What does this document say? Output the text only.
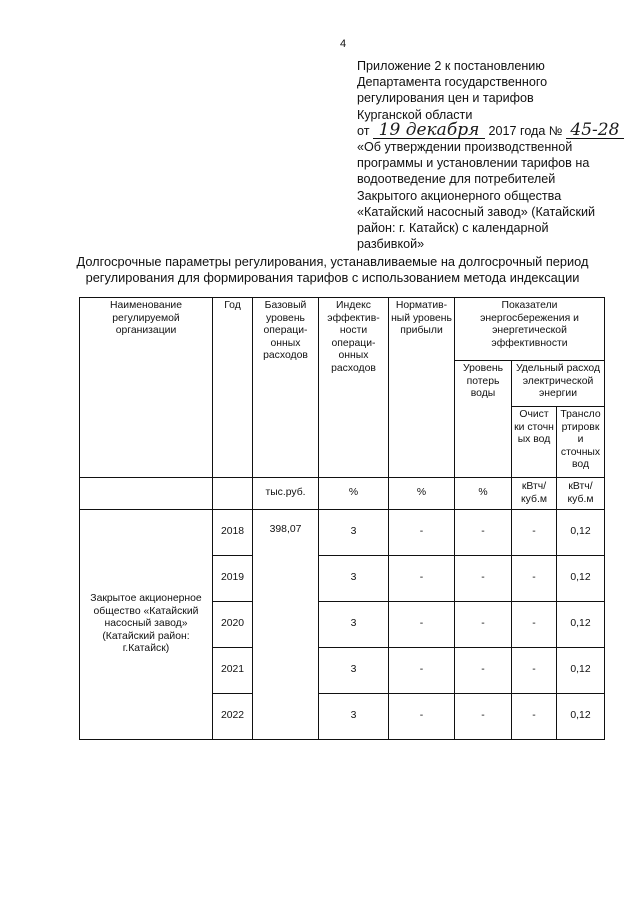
4
Приложение 2 к постановлению
Департамента государственного
регулирования цен и тарифов
Курганской области
от 19 декабря 2017 года № 45-28
«Об утверждении производственной
программы и установлении тарифов на
водоотведение для потребителей
Закрытого акционерного общества
«Катайский насосный завод» (Катайский
район: г. Катайск) с календарной
разбивкой»
Долгосрочные параметры регулирования, устанавливаемые на долгосрочный период
регулирования для формирования тарифов с использованием метода индексации
Наименование регулируемой организации	Год	Базовый уровень операци-онных расходов	Индекс эффектив-ности операци-онных расходов	Норматив-ный уровень прибыли	Показатели энергосбережения и энергетической эффективности		
					Уровень потерь воды	Удельный расход электрической энергии	
						Очист ки сточн ых вод	Трансло ртировк и сточных вод
		тыс.руб.	%	%	%	кВтч/ куб.м	кВтч/ куб.м
Закрытое акционерное общество «Катайский насосный завод» (Катайский район: г.Катайск)	2018	398,07	3	-	-	-	0,12
	2019		3	-	-	-	0,12
	2020		3	-	-	-	0,12
	2021		3	-	-	-	0,12
	2022		3	-	-	-	0,12
